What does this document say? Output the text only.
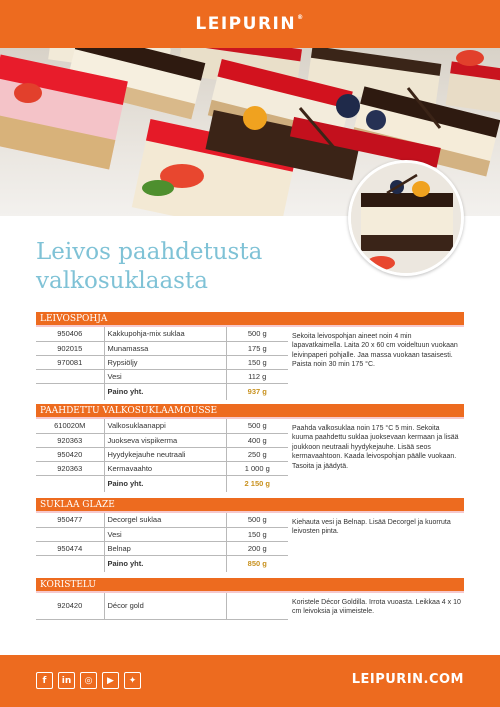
LEIPURIN®
Leivos paahdetusta valkosuklaasta
LEIVOSPOHJA
950406	Kakkupohja-mix suklaa	500 g
902015	Munamassa	175 g
970081	Rypsiöljy	150 g
	Vesi	112 g
	Paino yht.	937 g
Sekoita leivospohjan aineet noin 4 min lapavatkaimella. Laita 20 x 60 cm voideltuun vuokaan leivinpaperi pohjalle. Jaa massa vuokaan tasaisesti. Paista noin 30 min 175 °C.
PAAHDETTU VALKOSUKLAAMOUSSE
610020M	Valkosuklaanappi	500 g
920363	Juokseva vispikerma	400 g
950420	Hyydykejauhe neutraali	250 g
920363	Kermavaahto	1 000 g
	Paino yht.	2 150 g
Paahda valkosuklaa noin 175 °C 5 min. Sekoita kuuma paahdettu suklaa juoksevaan kermaan ja lisää joukkoon neutraali hyydykejauhe. Lisää seos kermavaahtoon. Kaada leivospohjan päälle vuokaan. Tasoita ja jäädytä.
SUKLAA GLAZE
950477	Decorgel suklaa	500 g
	Vesi	150 g
950474	Belnap	200 g
	Paino yht.	850 g
Kiehauta vesi ja Belnap. Lisää Decorgel ja kuorruta leivosten pinta.
KORISTELU
920420	Décor gold		Koristele Décor Goldilla. Irrota vuoasta. Leikkaa 4 x 10 cm leivoksia ja viimeistele.
f	in	◎	▶	✦	LEIPURIN.COM
